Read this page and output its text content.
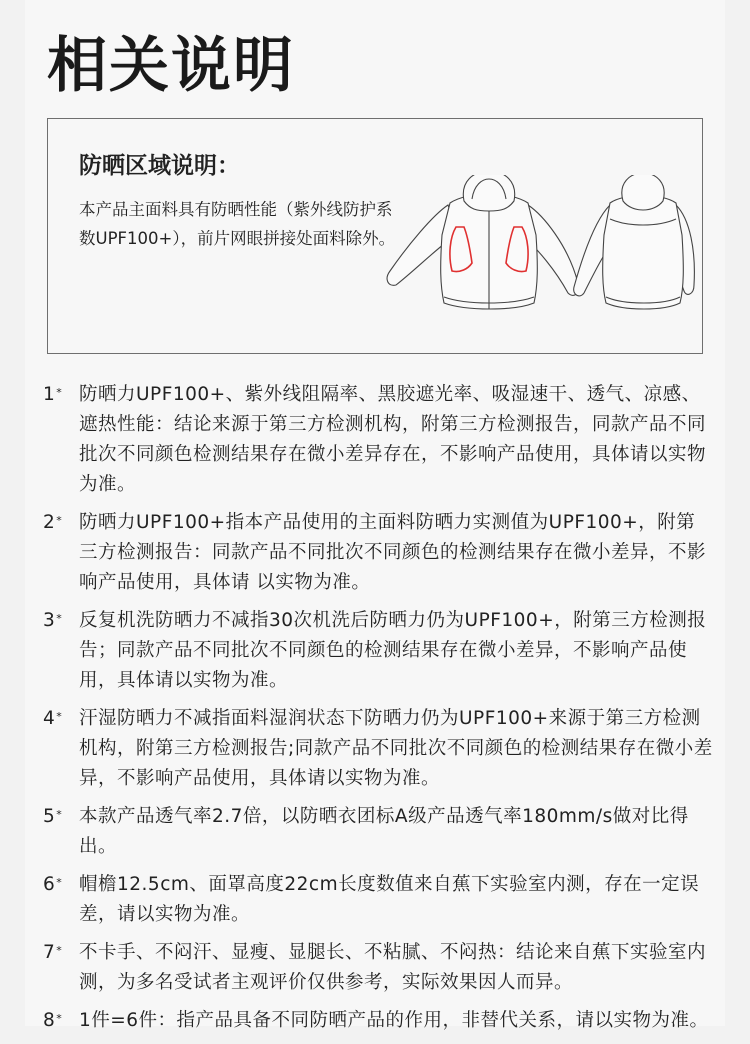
相关说明
防晒区域说明：
本产品主面料具有防晒性能（紫外线防护系数UPF100+），前片网眼拼接处面料除外。
1* 防晒力UPF100+、紫外线阻隔率、黑胶遮光率、吸湿速干、透气、凉感、遮热性能：结论来源于第三方检测机构，附第三方检测报告，同款产品不同批次不同颜色检测结果存在微小差异存在，不影响产品使用，具体请以实物为准。
2* 防晒力UPF100+指本产品使用的主面料防晒力实测值为UPF100+，附第三方检测报告：同款产品不同批次不同颜色的检测结果存在微小差异，不影响产品使用，具体请 以实物为准。
3* 反复机洗防晒力不减指30次机洗后防晒力仍为UPF100+，附第三方检测报告；同款产品不同批次不同颜色的检测结果存在微小差异，不影响产品使用，具体请以实物为准。
4* 汗湿防晒力不减指面料湿润状态下防晒力仍为UPF100+来源于第三方检测机构，附第三方检测报告;同款产品不同批次不同颜色的检测结果存在微小差异，不影响产品使用，具体请以实物为准。
5* 本款产品透气率2.7倍，以防晒衣团标A级产品透气率180mm/s做对比得出。
6* 帽檐12.5cm、面罩高度22cm长度数值来自蕉下实验室内测，存在一定误差，请以实物为准。
7* 不卡手、不闷汗、显瘦、显腿长、不粘腻、不闷热：结论来自蕉下实验室内测，为多名受试者主观评价仅供参考，实际效果因人而异。
8* 1件=6件：指产品具备不同防晒产品的作用，非替代关系，请以实物为准。
